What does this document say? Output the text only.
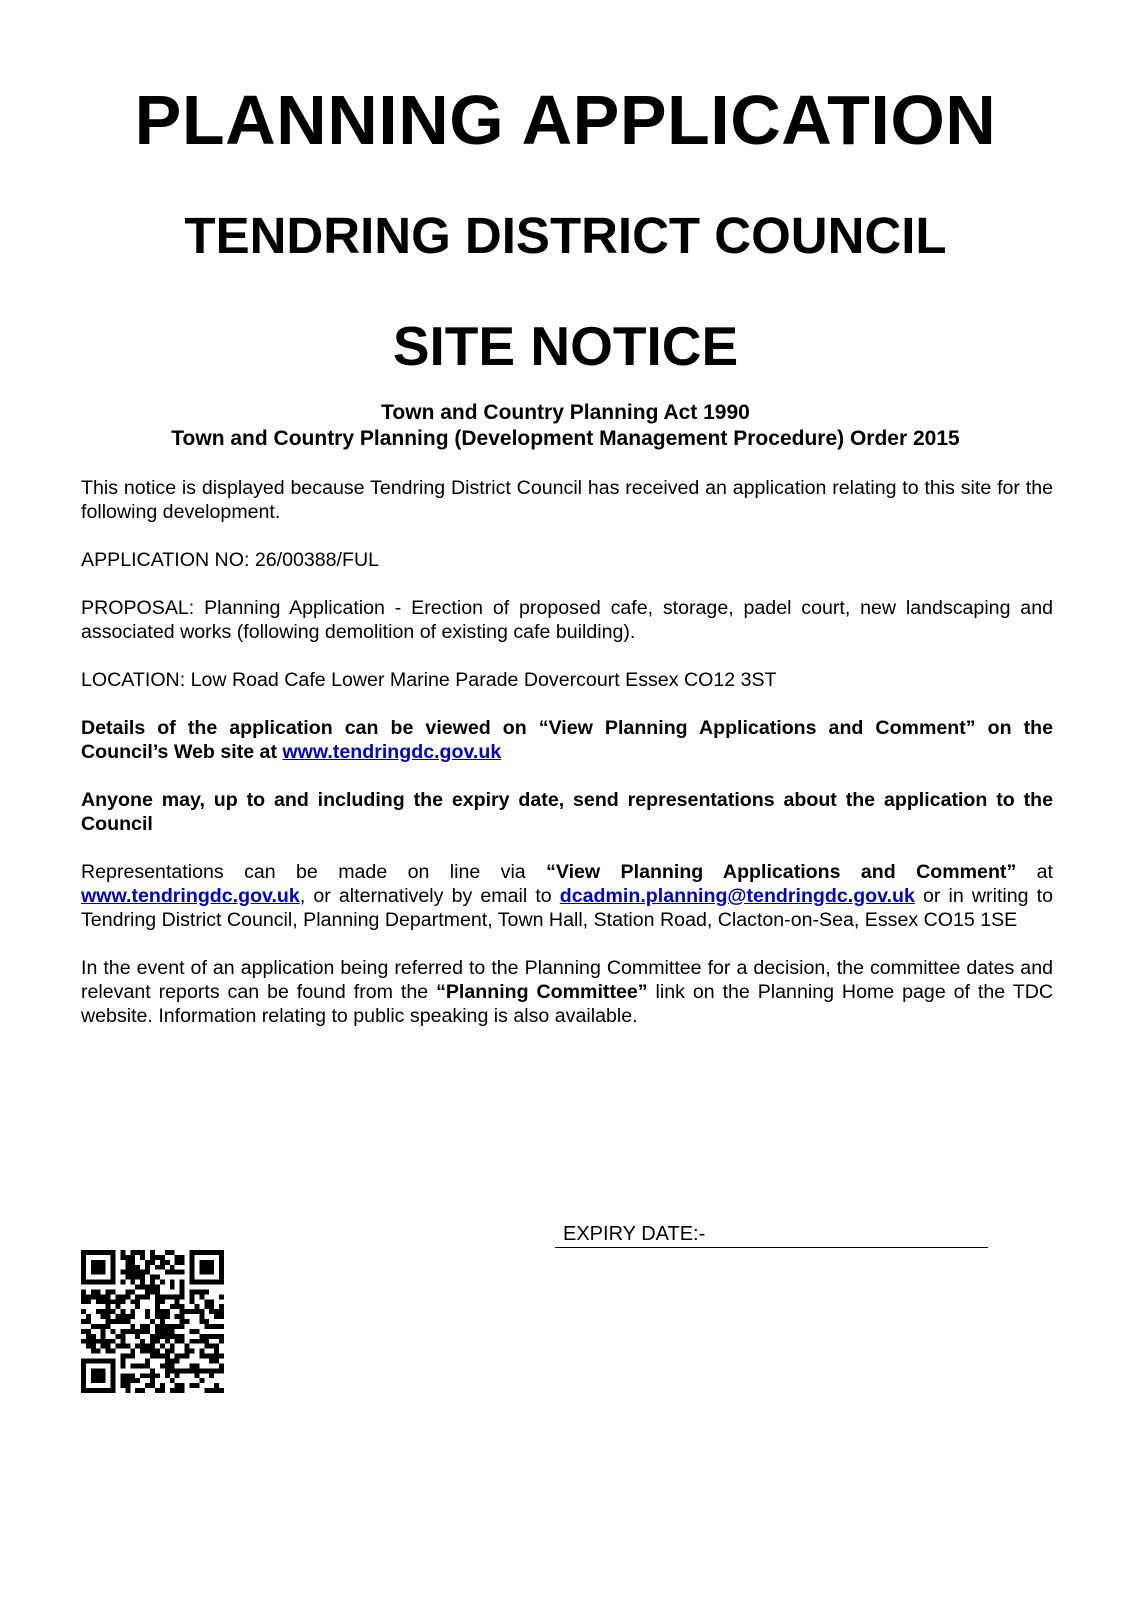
PLANNING APPLICATION
TENDRING DISTRICT COUNCIL
SITE NOTICE
Town and Country Planning Act 1990
Town and Country Planning (Development Management Procedure) Order 2015

This notice is displayed because Tendring District Council has received an application relating to this site for the following development.

APPLICATION NO: 26/00388/FUL

PROPOSAL: Planning Application - Erection of proposed cafe, storage, padel court, new landscaping and associated works (following demolition of existing cafe building).

LOCATION: Low Road Cafe Lower Marine Parade Dovercourt Essex CO12 3ST

Details of the application can be viewed on “View Planning Applications and Comment” on the Council’s Web site at www.tendringdc.gov.uk

Anyone may, up to and including the expiry date, send representations about the application to the Council

Representations can be made on line via “View Planning Applications and Comment” at www.tendringdc.gov.uk, or alternatively by email to dcadmin.planning@tendringdc.gov.uk or in writing to Tendring District Council, Planning Department, Town Hall, Station Road, Clacton-on-Sea, Essex CO15 1SE

In the event of an application being referred to the Planning Committee for a decision, the committee dates and relevant reports can be found from the “Planning Committee” link on the Planning Home page of the TDC website. Information relating to public speaking is also available.

EXPIRY DATE:-
